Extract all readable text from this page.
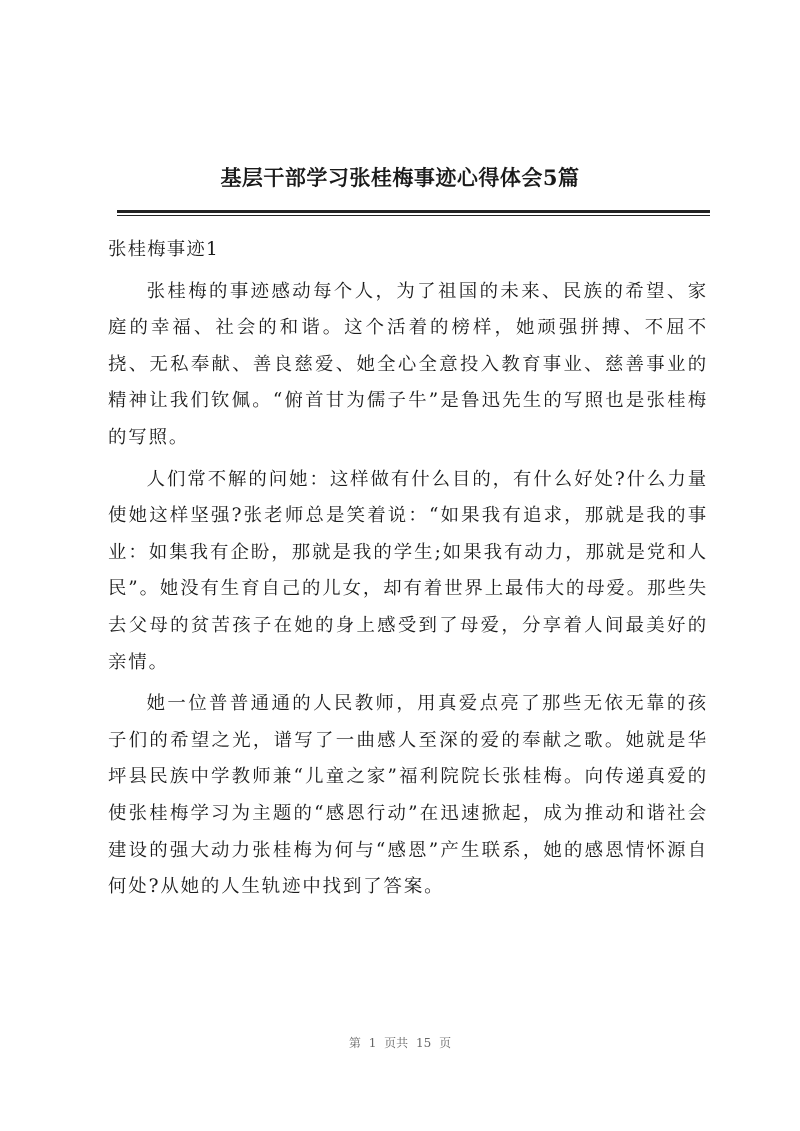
基层干部学习张桂梅事迹心得体会5篇
张桂梅事迹1

张桂梅的事迹感动每个人，为了祖国的未来、民族的希望、家庭的幸福、社会的和谐。这个活着的榜样，她顽强拼搏、不屈不挠、无私奉献、善良慈爱、她全心全意投入教育事业、慈善事业的精神让我们钦佩。“俯首甘为儒子牛”是鲁迅先生的写照也是张桂梅的写照。

人们常不解的问她：这样做有什么目的，有什么好处?什么力量使她这样坚强?张老师总是笑着说：“如果我有追求，那就是我的事业：如集我有企盼，那就是我的学生;如果我有动力，那就是党和人民”。她没有生育自己的儿女，却有着世界上最伟大的母爱。那些失去父母的贫苦孩子在她的身上感受到了母爱，分享着人间最美好的亲情。

她一位普普通通的人民教师，用真爱点亮了那些无依无靠的孩子们的希望之光，谱写了一曲感人至深的爱的奉献之歌。她就是华坪县民族中学教师兼“儿童之家”福利院院长张桂梅。向传递真爱的使张桂梅学习为主题的“感恩行动”在迅速掀起，成为推动和谐社会建设的强大动力张桂梅为何与“感恩”产生联系，她的感恩情怀源自何处?从她的人生轨迹中找到了答案。

第 1 页共 15 页
